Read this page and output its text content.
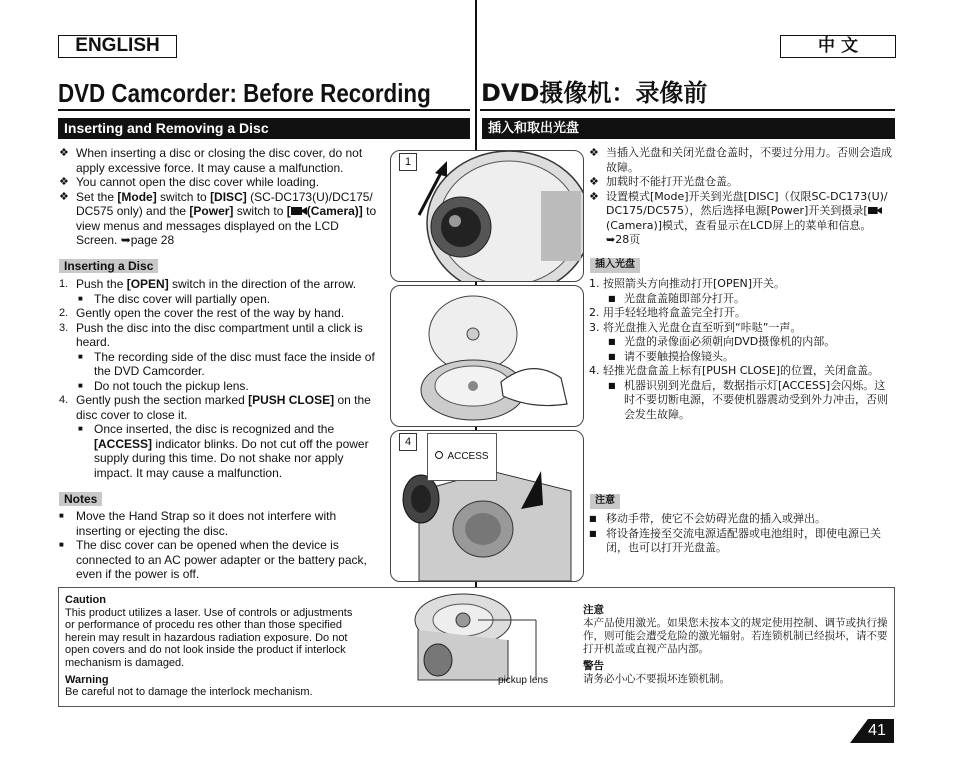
ENGLISH	中 文
DVD Camcorder: Before Recording DVD摄像机：录像前
Inserting and Removing a Disc	插入和取出光盘
❖ When inserting a disc or closing the disc cover, do not apply excessive force. It may cause a malfunction.
❖ You cannot open the disc cover while loading.
❖ Set the [Mode] switch to [DISC] (SC-DC173(U)/DC175/ DC575 only) and the [Power] switch to [ (Camera)] to view menus and messages displayed on the LCD Screen. ➥page 28
Inserting a Disc
1. Push the [OPEN] switch in the direction of the arrow.
■ The disc cover will partially open.
2. Gently open the cover the rest of the way by hand.
3. Push the disc into the disc compartment until a click is heard.
■ The recording side of the disc must face the inside of the DVD Camcorder.
■ Do not touch the pickup lens.
4. Gently push the section marked [PUSH CLOSE] on the disc cover to close it.
■ Once inserted, the disc is recognized and the [ACCESS] indicator blinks. Do not cut off the power supply during this time. Do not shake nor apply impact. It may cause a malfunction.
Notes
■ Move the Hand Strap so it does not interfere with inserting or ejecting the disc.
■ The disc cover can be opened when the device is connected to an AC power adapter or the battery pack, even if the power is off.
❖ 当插入光盘和关闭光盘仓盖时，不要过分用力。否则会造成故障。
❖ 加载时不能打开光盘仓盖。
❖ 设置模式[Mode]开关到光盘[DISC]（仅限SC-DC173(U)/ DC175/DC575），然后选择电源[Power]开关到摄录[(Camera)]模式，查看显示在LCD屏上的菜单和信息。➥28页
插入光盘
1. 按照箭头方向推动打开[OPEN]开关。
■ 光盘盒盖随即部分打开。
2. 用手轻轻地将盒盖完全打开。
3. 将光盘推入光盘仓直至听到“咔哒”一声。
■ 光盘的录像面必须朝向DVD摄像机的内部。
■ 请不要触摸拾像镜头。
4. 轻推光盘盒盖上标有[PUSH CLOSE]的位置，关闭盒盖。
■ 机器识别到光盘后，数据指示灯[ACCESS]会闪烁。这时不要切断电源，不要使机器震动受到外力冲击，否则会发生故障。
注意
■ 移动手带，使它不会妨碍光盘的插入或弹出。
■ 将设备连接至交流电源适配器或电池组时，即使电源已关闭，也可以打开光盘盖。
1
4
ACCESS
Caution
This product utilizes a laser. Use of controls or adjustments or performance of procedu res other than those specified herein may result in hazardous radiation exposure. Do not open covers and do not look inside the product if interlock mechanism is damaged.
Warning
Be careful not to damage the interlock mechanism.
pickup lens
注意
本产品使用激光。如果您未按本文的规定使用控制、调节或执行操作，则可能会遭受危险的激光辐射。若连锁机制已经损坏，请不要打开机盖或直视产品内部。
警告
请务必小心不要损坏连锁机制。
41
